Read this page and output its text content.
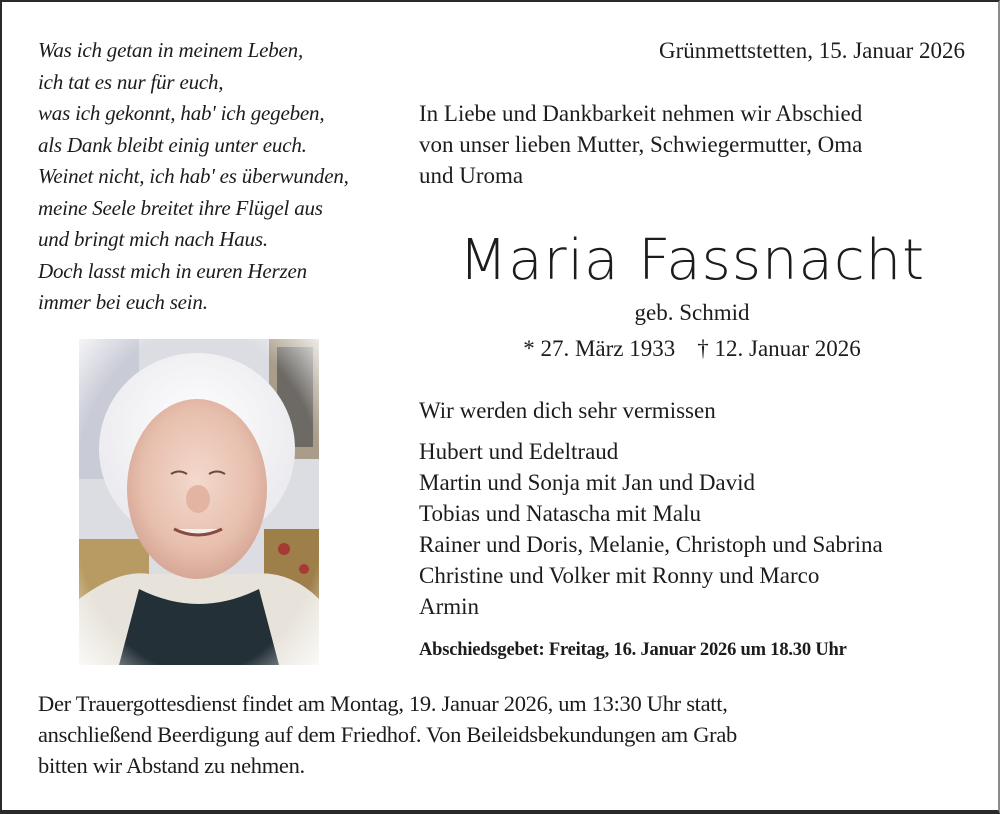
Was ich getan in meinem Leben,
ich tat es nur für euch,
was ich gekonnt, hab' ich gegeben,
als Dank bleibt einig unter euch.
Weinet nicht, ich hab' es überwunden,
meine Seele breitet ihre Flügel aus
und bringt mich nach Haus.
Doch lasst mich in euren Herzen
immer bei euch sein.
Grünmettstetten, 15. Januar 2026
In Liebe und Dankbarkeit nehmen wir Abschied
von unser lieben Mutter, Schwiegermutter, Oma
und Uroma
Maria Fassnacht
geb. Schmid
* 27. März 1933 † 12. Januar 2026
Wir werden dich sehr vermissen
Hubert und Edeltraud
Martin und Sonja mit Jan und David
Tobias und Natascha mit Malu
Rainer und Doris, Melanie, Christoph und Sabrina
Christine und Volker mit Ronny und Marco
Armin
Abschiedsgebet: Freitag, 16. Januar 2026 um 18.30 Uhr
Der Trauergottesdienst findet am Montag, 19. Januar 2026, um 13:30 Uhr statt,
anschließend Beerdigung auf dem Friedhof. Von Beileidsbekundungen am Grab
bitten wir Abstand zu nehmen.
